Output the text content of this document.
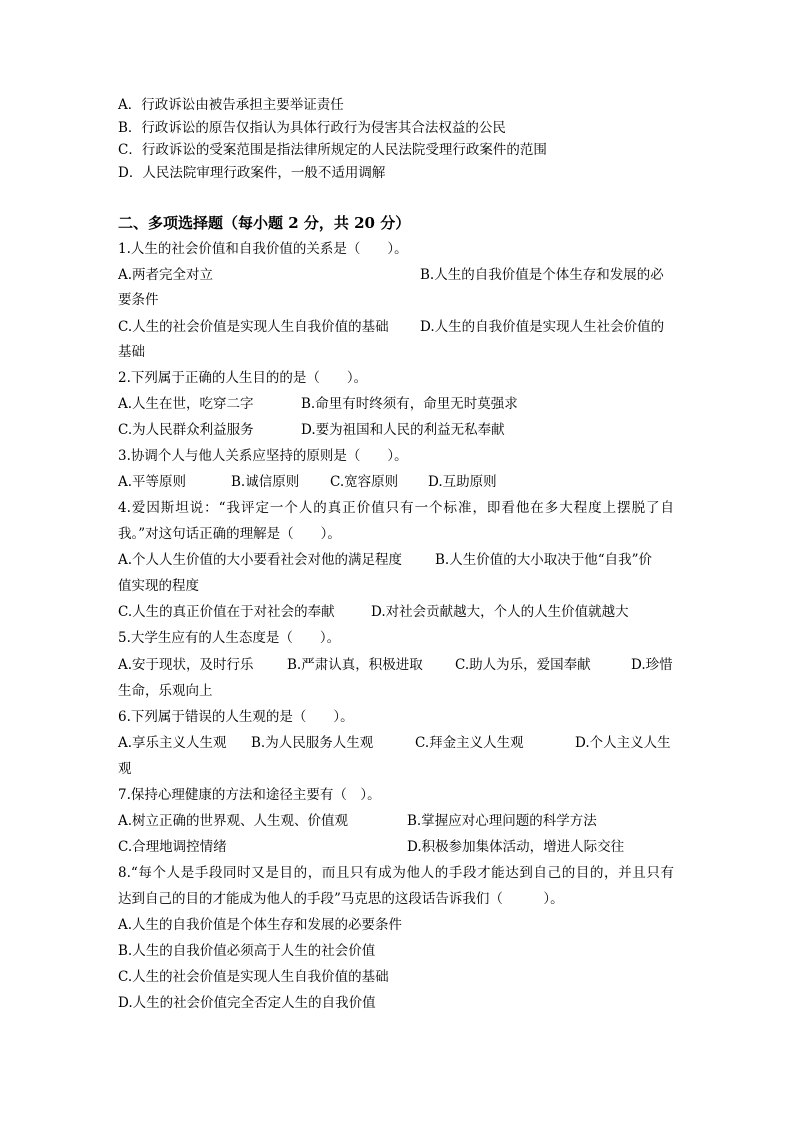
A．行政诉讼由被告承担主要举证责任
B．行政诉讼的原告仅指认为具体行政行为侵害其合法权益的公民
C．行政诉讼的受案范围是指法律所规定的人民法院受理行政案件的范围
D．人民法院审理行政案件，一般不适用调解
二、多项选择题（每小题 2 分，共 20 分）
1.人生的社会价值和自我价值的关系是（　　）。
A.两者完全对立	B.人生的自我价值是个体生存和发展的必
要条件
C.人生的社会价值是实现人生自我价值的基础 D.人生的自我价值是实现人生社会价值的
基础
2.下列属于正确的人生目的的是（　　）。
A.人生在世，吃穿二字	B.命里有时终须有，命里无时莫强求
C.为人民群众利益服务	D.要为祖国和人民的利益无私奉献
3.协调个人与他人关系应坚持的原则是（　　）。
A.平等原则	B.诚信原则 C.宽容原则 D.互助原则
4.爱因斯坦说：“我评定一个人的真正价值只有一个标准，即看他在多大程度上摆脱了自
我。”对这句话正确的理解是（　　）。
A.个人人生价值的大小要看社会对他的满足程度 B.人生价值的大小取决于他“自我”价
值实现的程度
C.人生的真正价值在于对社会的奉献	D.对社会贡献越大，个人的人生价值就越大
5.大学生应有的人生态度是（　　）。
A.安于现状，及时行乐 B.严肃认真，积极进取 C.助人为乐，爱国奉献	D.珍惜
生命，乐观向上
6.下列属于错误的人生观的是（　　）。
A.享乐主义人生观 B.为人民服务人生观	C.拜金主义人生观	D.个人主义人生
观
7.保持心理健康的方法和途径主要有（　）。
A.树立正确的世界观、人生观、价值观	B.掌握应对心理问题的科学方法
C.合理地调控情绪	D.积极参加集体活动，增进人际交往
8.“每个人是手段同时又是目的，而且只有成为他人的手段才能达到自己的目的，并且只有
达到自己的目的才能成为他人的手段”马克思的这段话告诉我们（　　　）。
A.人生的自我价值是个体生存和发展的必要条件
B.人生的自我价值必须高于人生的社会价值
C.人生的社会价值是实现人生自我价值的基础
D.人生的社会价值完全否定人生的自我价值
